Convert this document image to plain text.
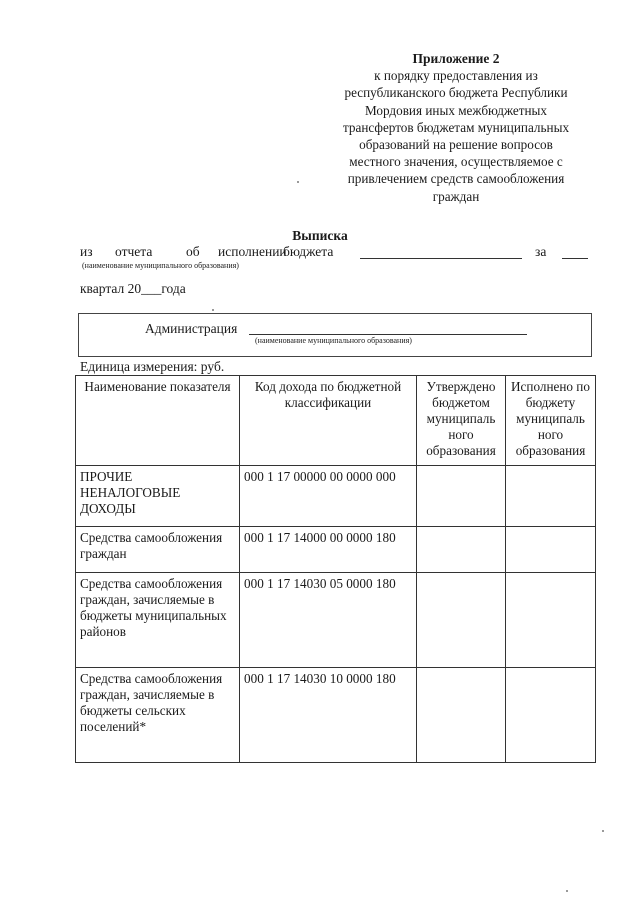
Приложение 2
к порядку предоставления из
республиканского бюджета Республики
Мордовия иных межбюджетных
трансфертов бюджетам муниципальных
образований на решение вопросов
местного значения, осуществляемое с
привлечением средств самообложения
граждан
Выписка
из отчета об исполнении
бюджета	за
(наименование муниципального образования)
квартал 20___года
Администрация
(наименование муниципального образования)
Единица измерения: руб.
Наименование показателя	Код дохода по бюджетной классификации	Утверждено бюджетом муниципаль ного образования	Исполнено по бюджету муниципаль ного образования
ПРОЧИЕ НЕНАЛОГОВЫЕ ДОХОДЫ	000 1 17 00000 00 0000 000		
Средства самообложения граждан	000 1 17 14000 00 0000 180		
Средства самообложения граждан, зачисляемые в бюджеты муниципальных районов	000 1 17 14030 05 0000 180		
Средства самообложения граждан, зачисляемые в бюджеты сельских поселений*	000 1 17 14030 10 0000 180		
